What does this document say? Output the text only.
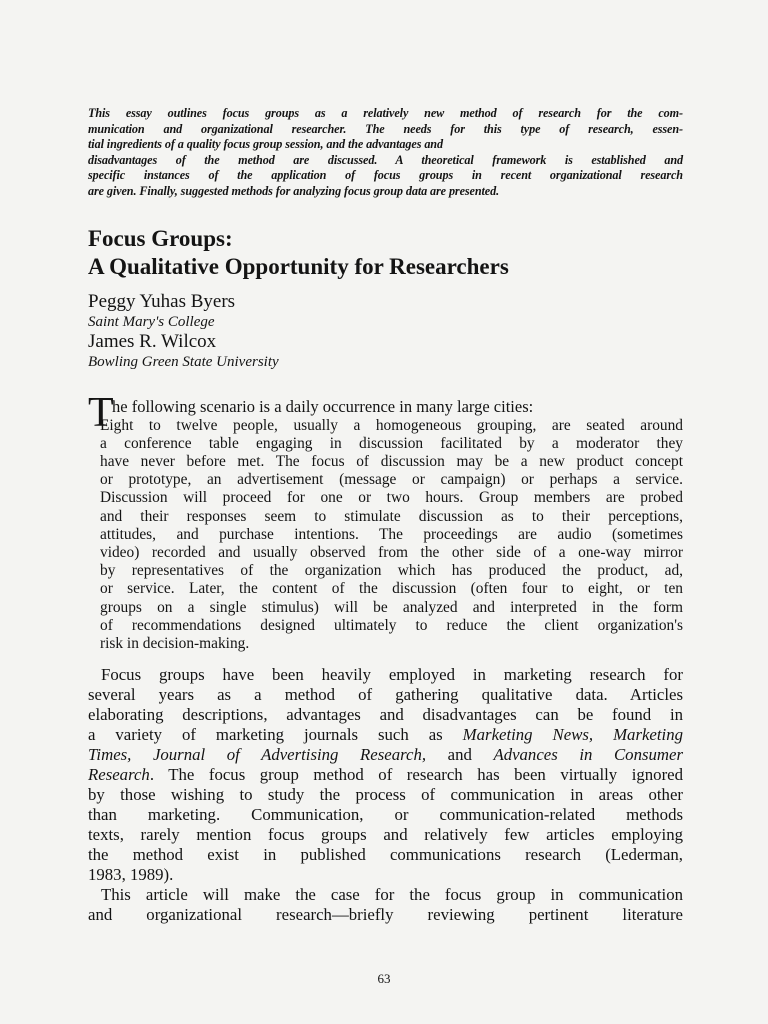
This essay outlines focus groups as a relatively new method of research for the com-
munication and organizational researcher. The needs for this type of research, essen-
tial ingredients of a quality focus group session, and the advantages and
disadvantages of the method are discussed. A theoretical framework is established and
specific instances of the application of focus groups in recent organizational research
are given. Finally, suggested methods for analyzing focus group data are presented.
Focus Groups:
A Qualitative Opportunity for Researchers
Peggy Yuhas Byers
Saint Mary's College
James R. Wilcox
Bowling Green State University
T
he following scenario is a daily occurrence in many large cities:
Eight to twelve people, usually a homogeneous grouping, are seated around
a conference table engaging in discussion facilitated by a moderator they
have never before met. The focus of discussion may be a new product concept
or prototype, an advertisement (message or campaign) or perhaps a service.
Discussion will proceed for one or two hours. Group members are probed
and their responses seem to stimulate discussion as to their perceptions,
attitudes, and purchase intentions. The proceedings are audio (sometimes
video) recorded and usually observed from the other side of a one-way mirror
by representatives of the organization which has produced the product, ad,
or service. Later, the content of the discussion (often four to eight, or ten
groups on a single stimulus) will be analyzed and interpreted in the form
of recommendations designed ultimately to reduce the client organization's
risk in decision-making.
Focus groups have been heavily employed in marketing research for
several years as a method of gathering qualitative data. Articles
elaborating descriptions, advantages and disadvantages can be found in
a variety of marketing journals such as Marketing News, Marketing
Times, Journal of Advertising Research, and Advances in Consumer
Research. The focus group method of research has been virtually ignored
by those wishing to study the process of communication in areas other
than marketing. Communication, or communication-related methods
texts, rarely mention focus groups and relatively few articles employing
the method exist in published communications research (Lederman,
1983, 1989).
This article will make the case for the focus group in communication
and organizational research—briefly reviewing pertinent literature
63
